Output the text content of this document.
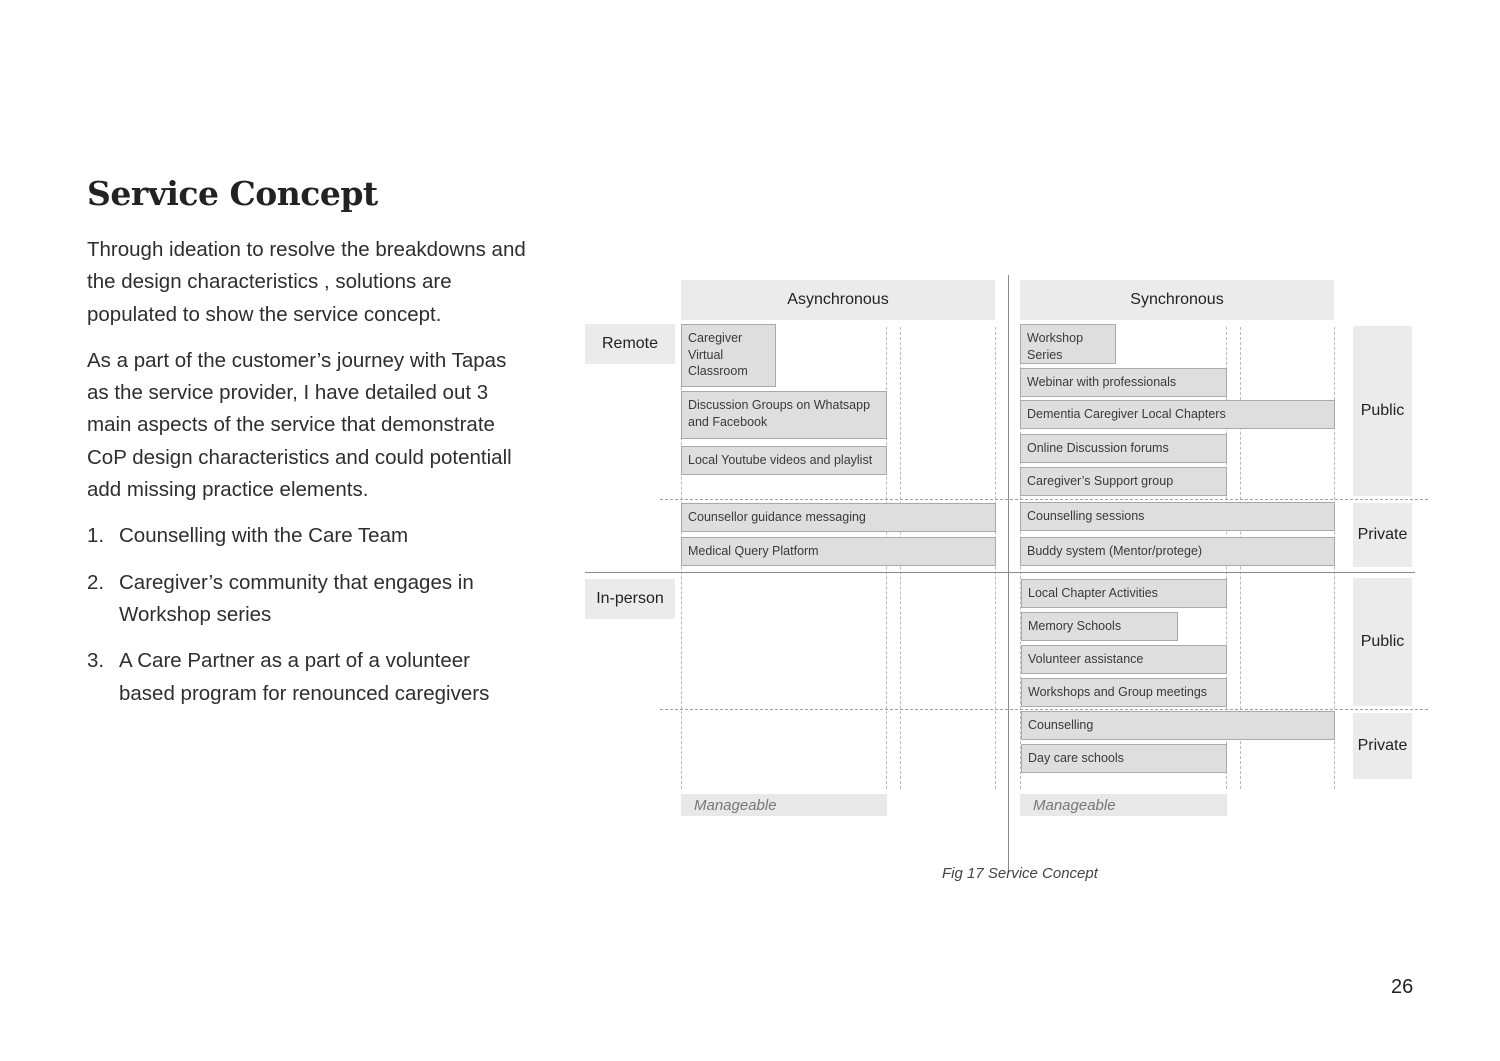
Service Concept

Through ideation to resolve the breakdowns and the design characteristics , solutions are populated to show the service concept.

As a part of the customer’s journey with Tapas as the service provider, I have detailed out 3 main aspects of the service that demonstrate CoP design characteristics and could potentiall add missing practice elements.

1. Counselling with the Care Team
2. Caregiver’s community that engages in Workshop series
3. A Care Partner as a part of a volunteer based program for renounced caregivers
Asynchronous	Synchronous
Remote
In-person
Public
Private
Public
Private
Caregiver Virtual Classroom
Discussion Groups on Whatsapp and Facebook
Local Youtube videos and playlist
Workshop Series
Webinar with professionals
Dementia Caregiver Local Chapters
Online Discussion forums
Caregiver’s Support group
Counsellor guidance messaging
Medical Query Platform
Counselling sessions
Buddy system (Mentor/protege)
Local Chapter Activities
Memory Schools
Volunteer assistance
Workshops and Group meetings
Counselling
Day care schools
Manageable	Manageable
Fig 17 Service Concept
26
